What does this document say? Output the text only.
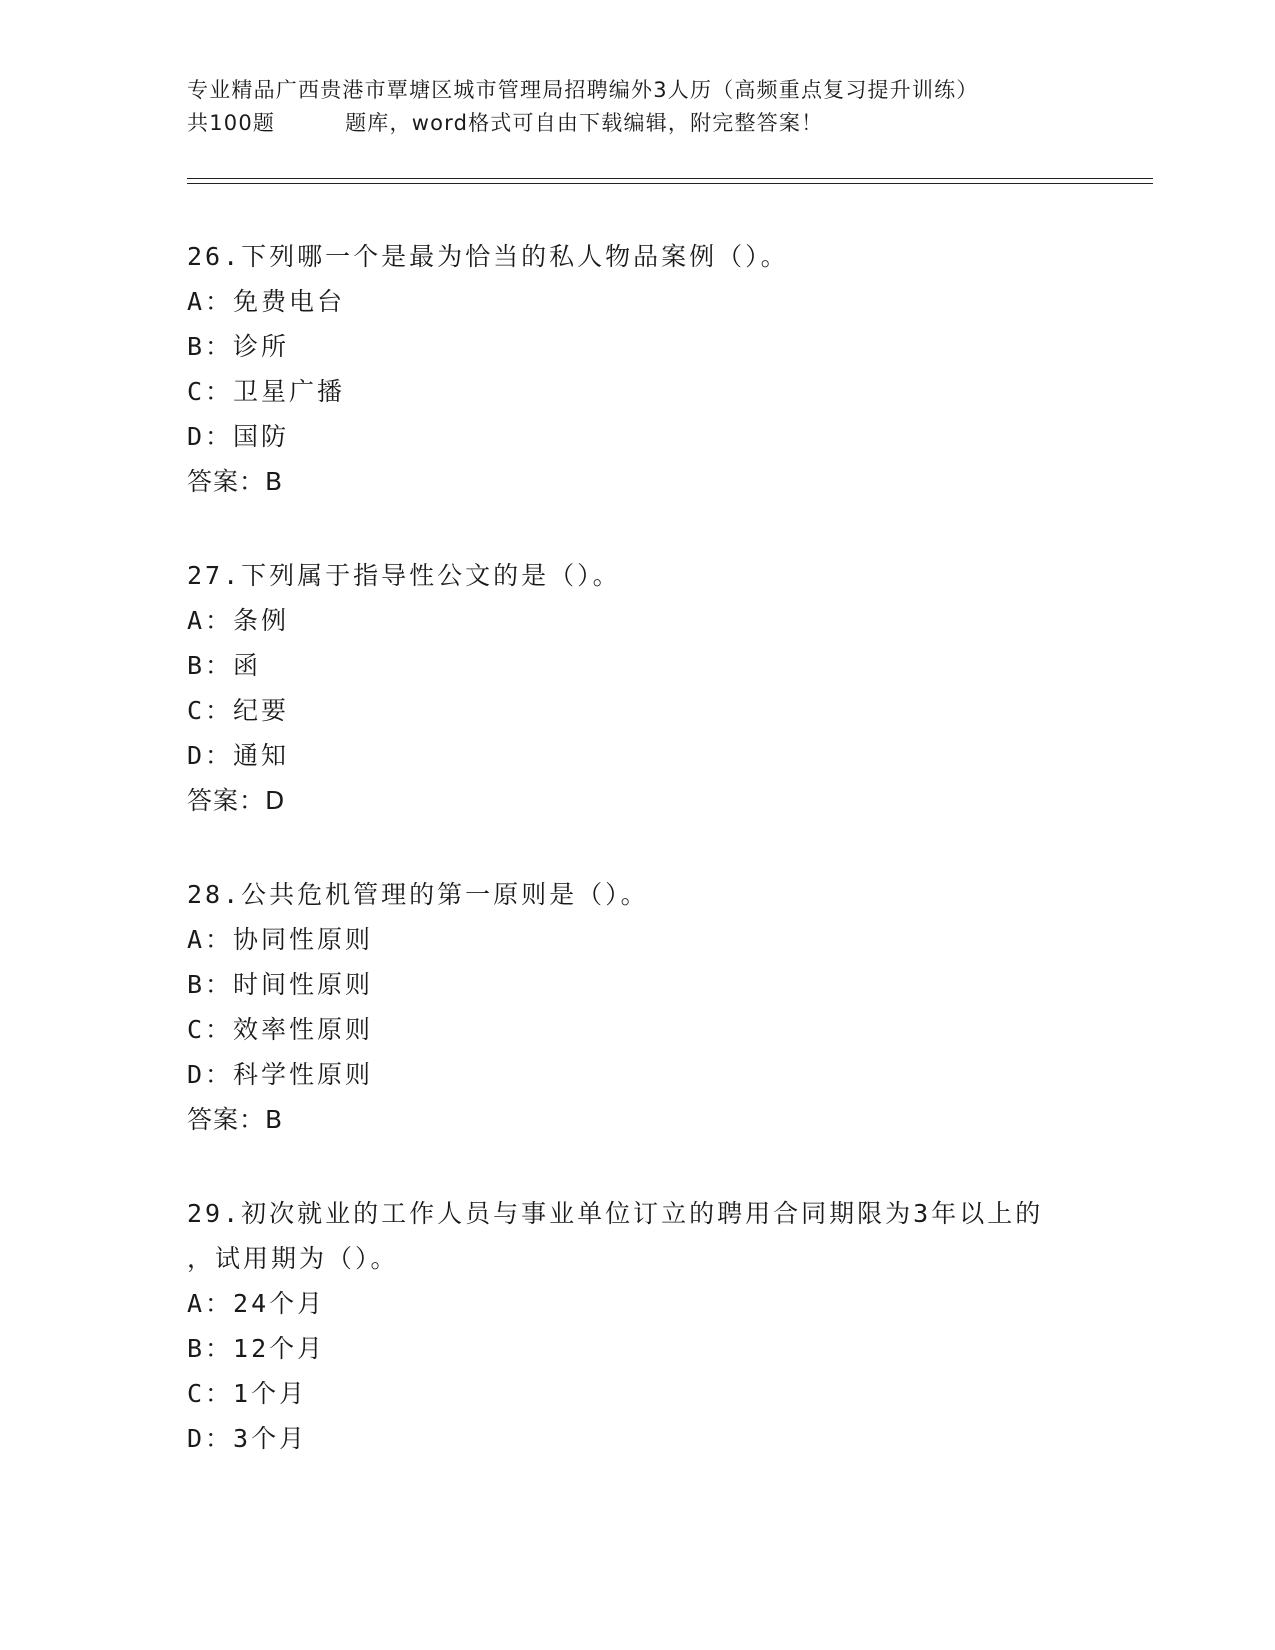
专业精品广西贵港市覃塘区城市管理局招聘编外3人历（高频重点复习提升训练）
共100题	题库，word格式可自由下载编辑，附完整答案！
26.下列哪一个是最为恰当的私人物品案例（）。
A：免费电台
B：诊所
C：卫星广播
D：国防
答案：B
27.下列属于指导性公文的是（）。
A：条例
B：函
C：纪要
D：通知
答案：D
28.公共危机管理的第一原则是（）。
A：协同性原则
B：时间性原则
C：效率性原则
D：科学性原则
答案：B
29.初次就业的工作人员与事业单位订立的聘用合同期限为3年以上的
，试用期为（）。
A：24个月
B：12个月
C：1个月
D：3个月
